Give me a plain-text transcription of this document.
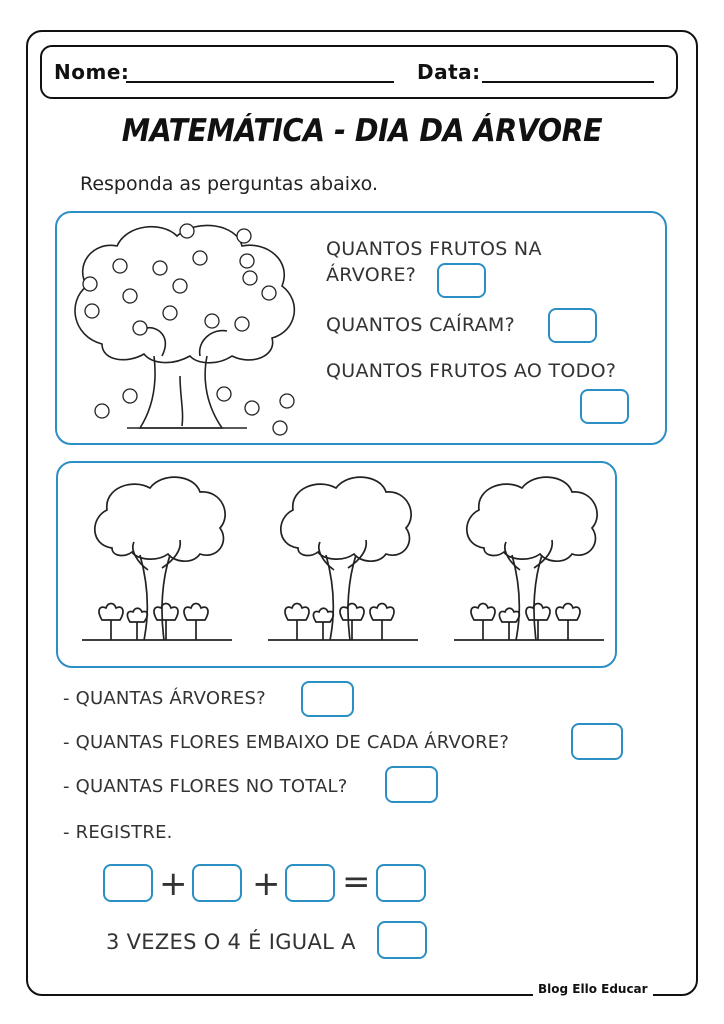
Nome:	Data:
MATEMÁTICA - DIA DA ÁRVORE
Responda as perguntas abaixo.
QUANTOS FRUTOS NA
ÁRVORE?
QUANTOS CAÍRAM?
QUANTOS FRUTOS AO TODO?
- QUANTAS ÁRVORES?
- QUANTAS FLORES EMBAIXO DE CADA ÁRVORE?
- QUANTAS FLORES NO TOTAL?
- REGISTRE.
+ + =
3 VEZES O 4 É IGUAL A
Blog Ello Educar
